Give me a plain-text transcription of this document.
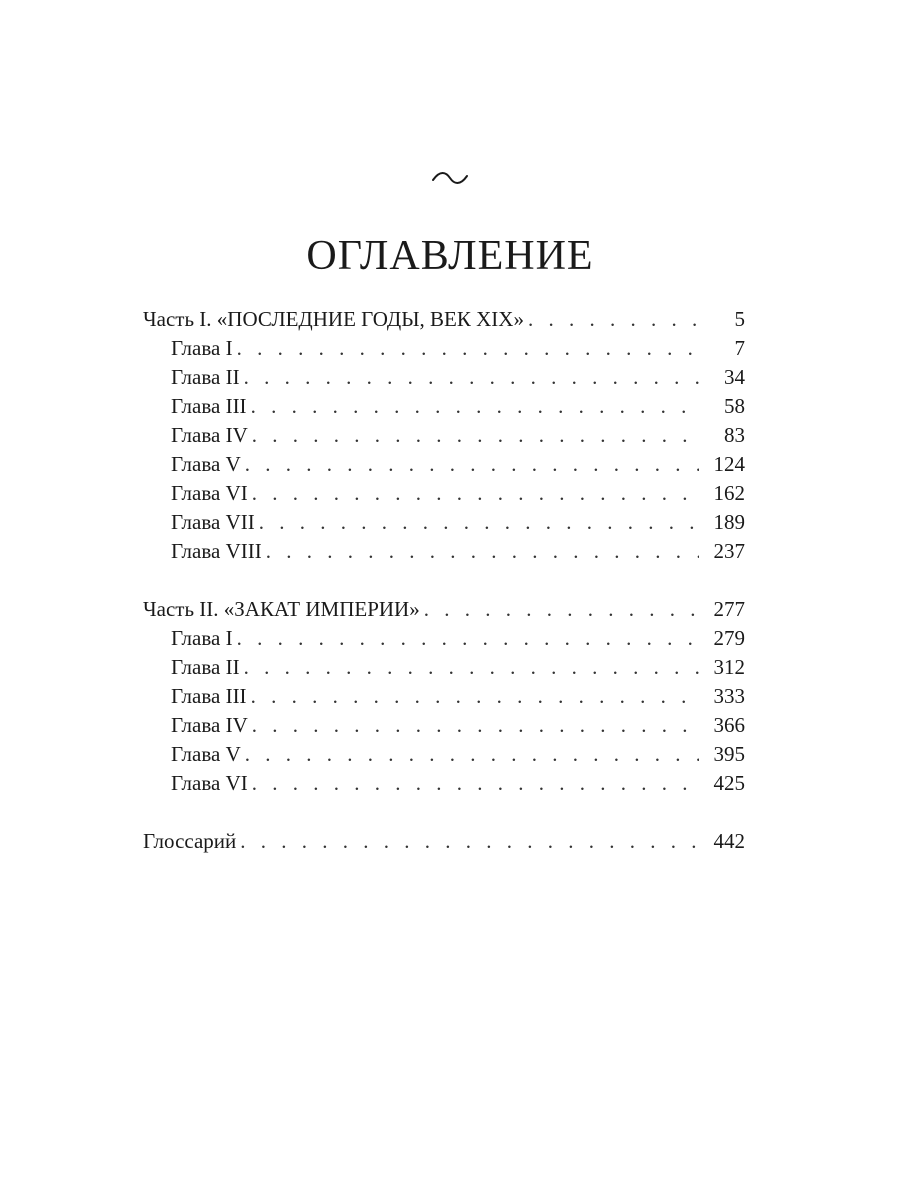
ОГЛАВЛЕНИЕ
Часть I. «ПОСЛЕДНИЕ ГОДЫ, ВЕК XIX» . . .	5
Глава I . . .	7
Глава II . . .	34
Глава III . . .	58
Глава IV . . .	83
Глава V . . .	124
Глава VI . . .	162
Глава VII . . .	189
Глава VIII . . .	237
Часть II. «ЗАКАТ ИМПЕРИИ» . . .	277
Глава I . . .	279
Глава II . . .	312
Глава III . . .	333
Глава IV . . .	366
Глава V . . .	395
Глава VI . . .	425
Глоссарий . . .	442
